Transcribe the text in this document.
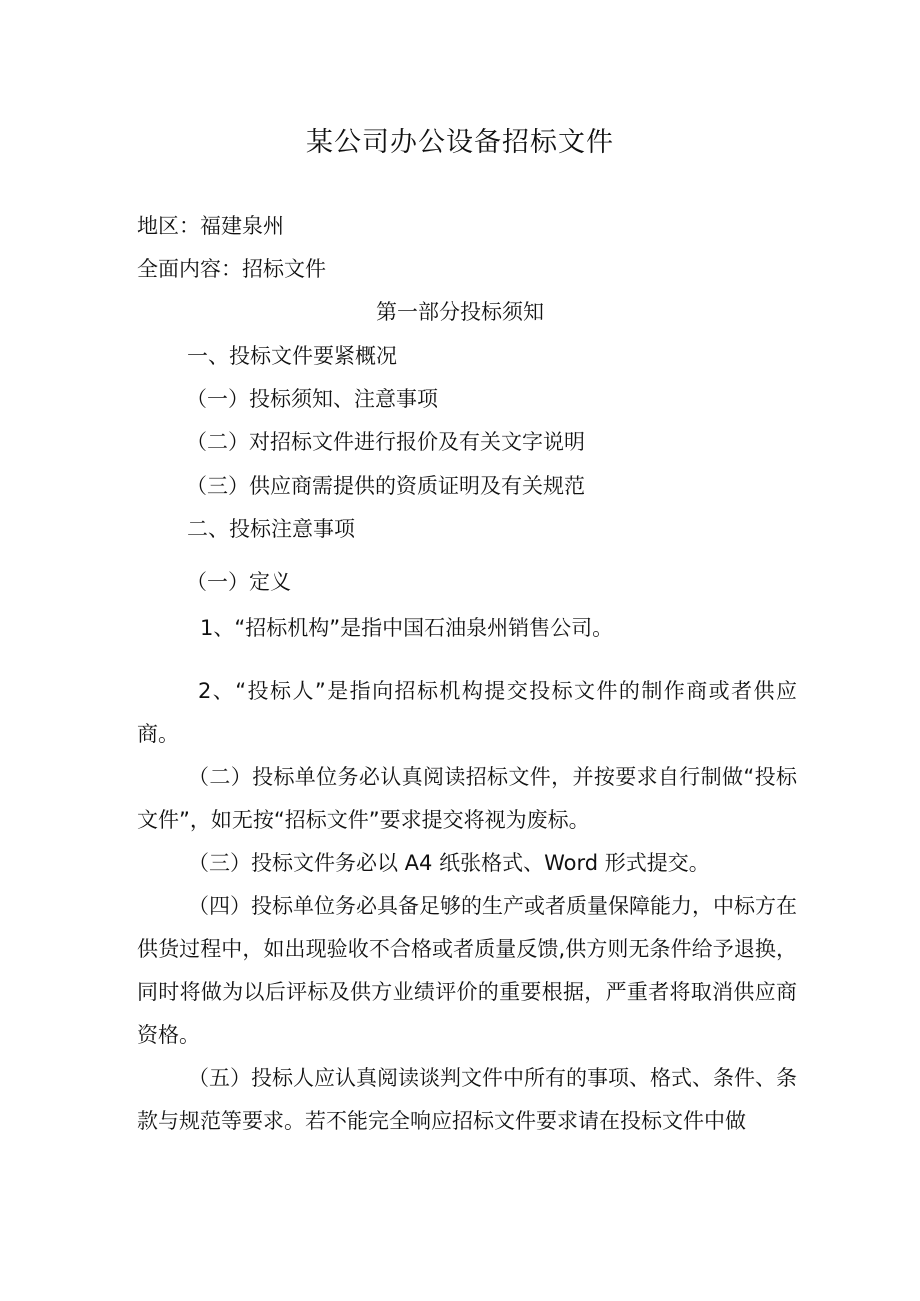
某公司办公设备招标文件
地区：福建泉州
全面内容：招标文件
第一部分投标须知
一、投标文件要紧概况
（一）投标须知、注意事项
（二）对招标文件进行报价及有关文字说明
（三）供应商需提供的资质证明及有关规范
二、投标注意事项
（一）定义
1、“招标机构”是指中国石油泉州销售公司。
2、“投标人”是指向招标机构提交投标文件的制作商或者供应商。
（二）投标单位务必认真阅读招标文件，并按要求自行制做“投标文件”，如无按“招标文件”要求提交将视为废标。
（三）投标文件务必以 A4 纸张格式、Word 形式提交。
（四）投标单位务必具备足够的生产或者质量保障能力，中标方在供货过程中，如出现验收不合格或者质量反馈,供方则无条件给予退换，同时将做为以后评标及供方业绩评价的重要根据，严重者将取消供应商资格。
（五）投标人应认真阅读谈判文件中所有的事项、格式、条件、条款与规范等要求。若不能完全响应招标文件要求请在投标文件中做
